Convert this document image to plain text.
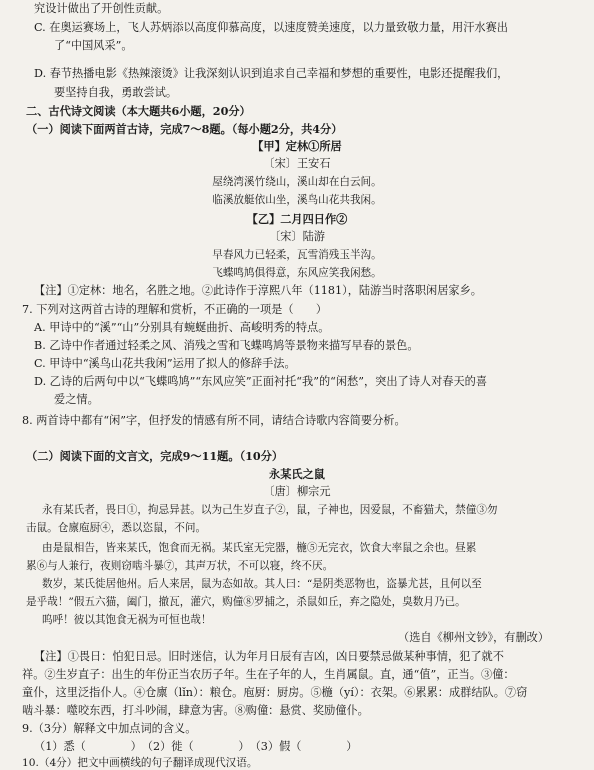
究设计做出了开创性贡献。
C. 在奥运赛场上，飞人苏炳添以高度仰慕高度，以速度赞美速度，以力量致敬力量，用汗水赛出
了“中国风采”。
D. 春节热播电影《热辣滚烫》让我深刻认识到追求自己幸福和梦想的重要性，电影还提醒我们，
要坚持自我，勇敢尝试。
二、古代诗文阅读（本大题共6小题，20分）
（一）阅读下面两首古诗，完成7～8题。（每小题2分，共4分）
【甲】定林①所居
〔宋〕王安石
屋绕湾溪竹绕山，溪山却在白云间。
临溪放艇依山坐，溪鸟山花共我闲。
【乙】二月四日作②
〔宋〕陆游
早春风力已轻柔，瓦雪消残玉半沟。
飞蝶鸣鸠俱得意，东风应笑我闲愁。
【注】①定林：地名，名胜之地。②此诗作于淳熙八年（1181），陆游当时落职闲居家乡。
7. 下列对这两首古诗的理解和赏析，不正确的一项是（　　）
A. 甲诗中的“溪”“山”分别具有蜿蜒曲折、高峻明秀的特点。
B. 乙诗中作者通过轻柔之风、消残之雪和飞蝶鸣鸠等景物来描写早春的景色。
C. 甲诗中“溪鸟山花共我闲”运用了拟人的修辞手法。
D. 乙诗的后两句中以“飞蝶鸣鸠”“东风应笑”正面衬托“我”的“闲愁”，突出了诗人对春天的喜
爱之情。
8. 两首诗中都有“闲”字，但抒发的情感有所不同，请结合诗歌内容简要分析。
（二）阅读下面的文言文，完成9～11题。（10分）
永某氏之鼠
〔唐〕柳宗元
永有某氏者，畏日①，拘忌异甚。以为己生岁直子②，鼠，子神也，因爱鼠，不畜猫犬，禁僮③勿
击鼠。仓廪庖厨④，悉以恣鼠，不问。
由是鼠相告，皆来某氏，饱食而无祸。某氏室无完器，椸⑤无完衣，饮食大率鼠之余也。昼累
累⑥与人兼行，夜则窃啮斗暴⑦，其声万状，不可以寝，终不厌。
数岁，某氏徙居他州。后人来居，鼠为态如故。其人曰：“是阴类恶物也，盗暴尤甚，且何以至
是乎哉！”假五六猫，阖门，撤瓦，灌穴，购僮⑧罗捕之，杀鼠如丘，弃之隐处，臭数月乃已。
呜呼！彼以其饱食无祸为可恒也哉！
（选自《柳州文钞》，有删改）
【注】①畏日：怕犯日忌。旧时迷信，认为年月日辰有吉凶，凶日要禁忌做某种事情，犯了就不
祥。②生岁直子：出生的年份正当农历子年。生在子年的人，生肖属鼠。直，通“值”，正当。③僮：
童仆，这里泛指仆人。④仓廪（lǐn）：粮仓。庖厨：厨房。⑤椸（yí）：衣架。⑥累累：成群结队。⑦窃
啮斗暴：噬咬东西，打斗吵闹，肆意为害。⑧购僮：悬赏、奖励僮仆。
9.（3分）解释文中加点词的含义。
（1）悉（　　　　）　（2）徙（　　　　）　（3）假（　　　　）
10.（4分）把文中画横线的句子翻译成现代汉语。
